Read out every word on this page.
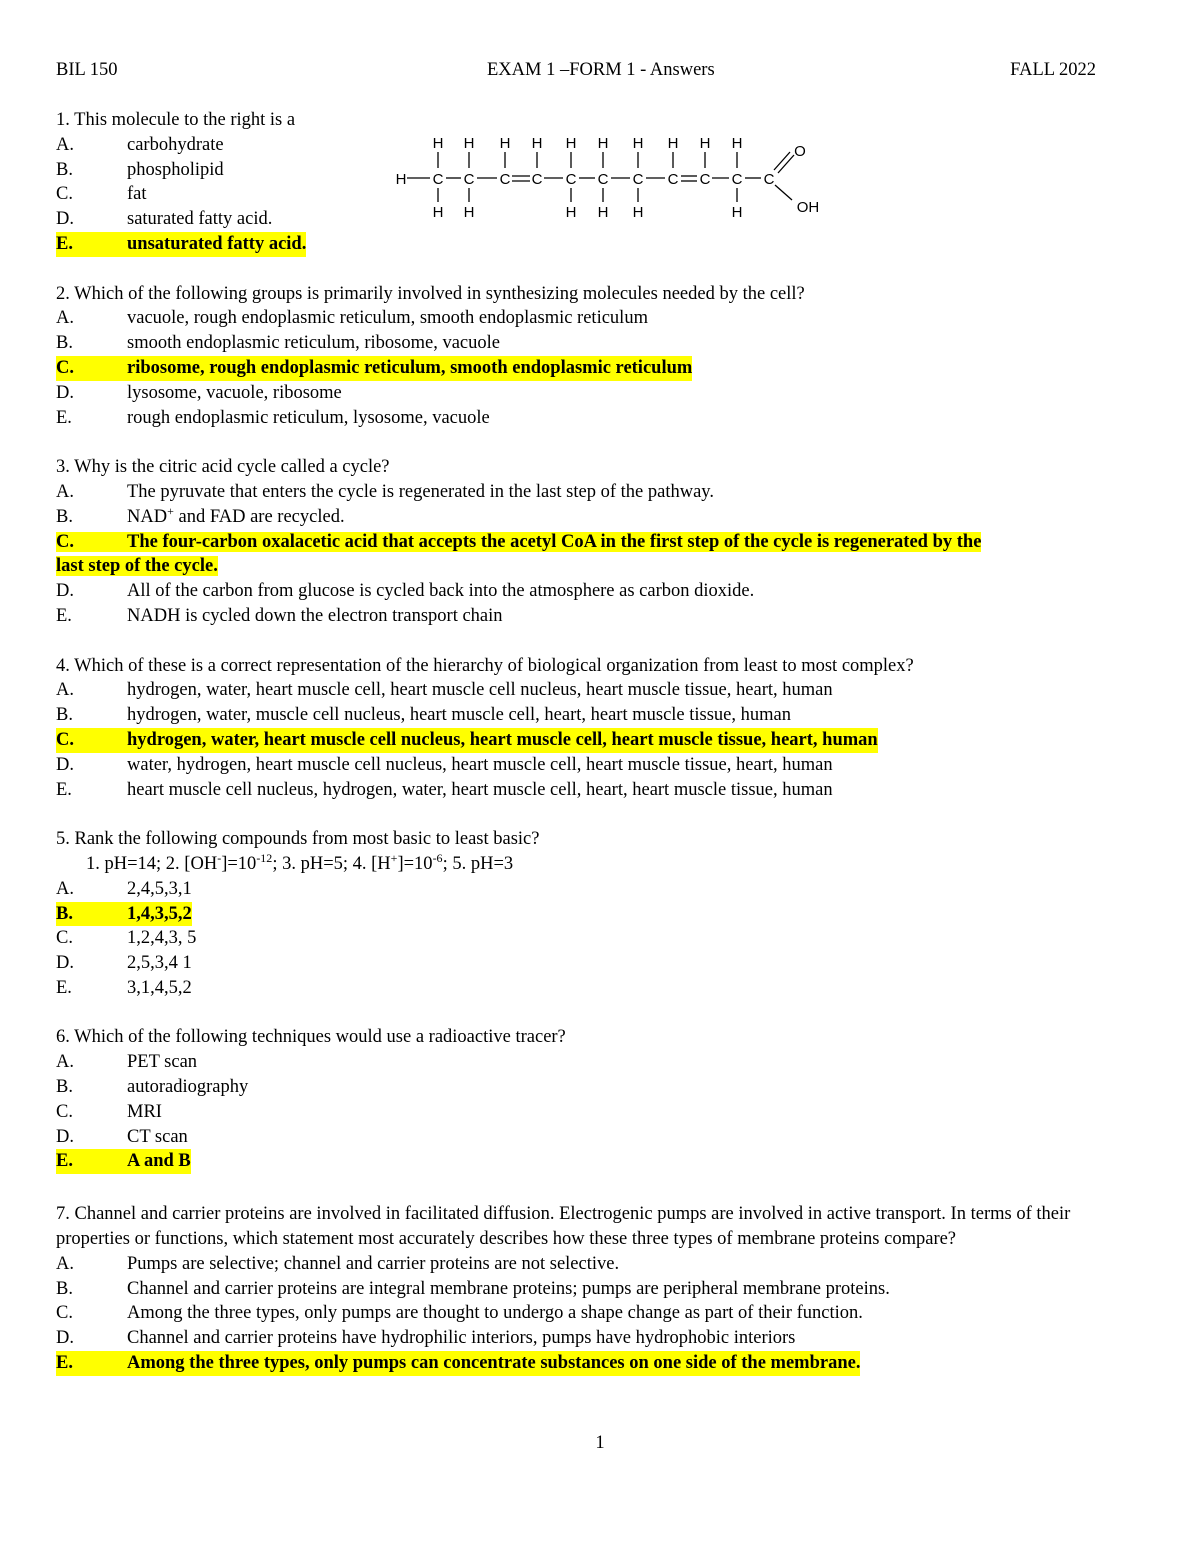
BIL 150	EXAM 1 –FORM 1 - Answers	FALL 2022
H H H H H H H H H H
H C C C C C C C C C C C
H H	H H H	H
O
OH
1. This molecule to the right is a
A.	carbohydrate
B.	phospholipid
C.	fat
D.	saturated fatty acid.
E.	unsaturated fatty acid.
2. Which of the following groups is primarily involved in synthesizing molecules needed by the cell?
A.	vacuole, rough endoplasmic reticulum, smooth endoplasmic reticulum
B.	smooth endoplasmic reticulum, ribosome, vacuole
C.	ribosome, rough endoplasmic reticulum, smooth endoplasmic reticulum
D.	lysosome, vacuole, ribosome
E.	rough endoplasmic reticulum, lysosome, vacuole
3. Why is the citric acid cycle called a cycle?
A.	The pyruvate that enters the cycle is regenerated in the last step of the pathway.
B.	NAD+ and FAD are recycled.
C.	The four-carbon oxalacetic acid that accepts the acetyl CoA in the first step of the cycle is regenerated by the
last step of the cycle.
D.	All of the carbon from glucose is cycled back into the atmosphere as carbon dioxide.
E.	NADH is cycled down the electron transport chain
4. Which of these is a correct representation of the hierarchy of biological organization from least to most complex?
A.	hydrogen, water, heart muscle cell, heart muscle cell nucleus, heart muscle tissue, heart, human
B.	hydrogen, water, muscle cell nucleus, heart muscle cell, heart, heart muscle tissue, human
C.	hydrogen, water, heart muscle cell nucleus, heart muscle cell, heart muscle tissue, heart, human
D.	water, hydrogen, heart muscle cell nucleus, heart muscle cell, heart muscle tissue, heart, human
E.	heart muscle cell nucleus, hydrogen, water, heart muscle cell, heart, heart muscle tissue, human
5. Rank the following compounds from most basic to least basic?
1. pH=14; 2. $[OH^-]=10^{-12}$; 3. pH=5; 4. $[H^+]=10^{-6}$; 5. pH=3
A.	2,4,5,3,1
B.	1,4,3,5,2
C.	1,2,4,3, 5
D.	2,5,3,4 1
E.	3,1,4,5,2
6. Which of the following techniques would use a radioactive tracer?
A.	PET scan
B.	autoradiography
C.	MRI
D.	CT scan
E.	A and B
7. Channel and carrier proteins are involved in facilitated diffusion. Electrogenic pumps are involved in active transport. In terms of their properties or functions, which statement most accurately describes how these three types of membrane proteins compare?
A.	Pumps are selective; channel and carrier proteins are not selective.
B.	Channel and carrier proteins are integral membrane proteins; pumps are peripheral membrane proteins.
C.	Among the three types, only pumps are thought to undergo a shape change as part of their function.
D.	Channel and carrier proteins have hydrophilic interiors, pumps have hydrophobic interiors
E.	Among the three types, only pumps can concentrate substances on one side of the membrane.
1
